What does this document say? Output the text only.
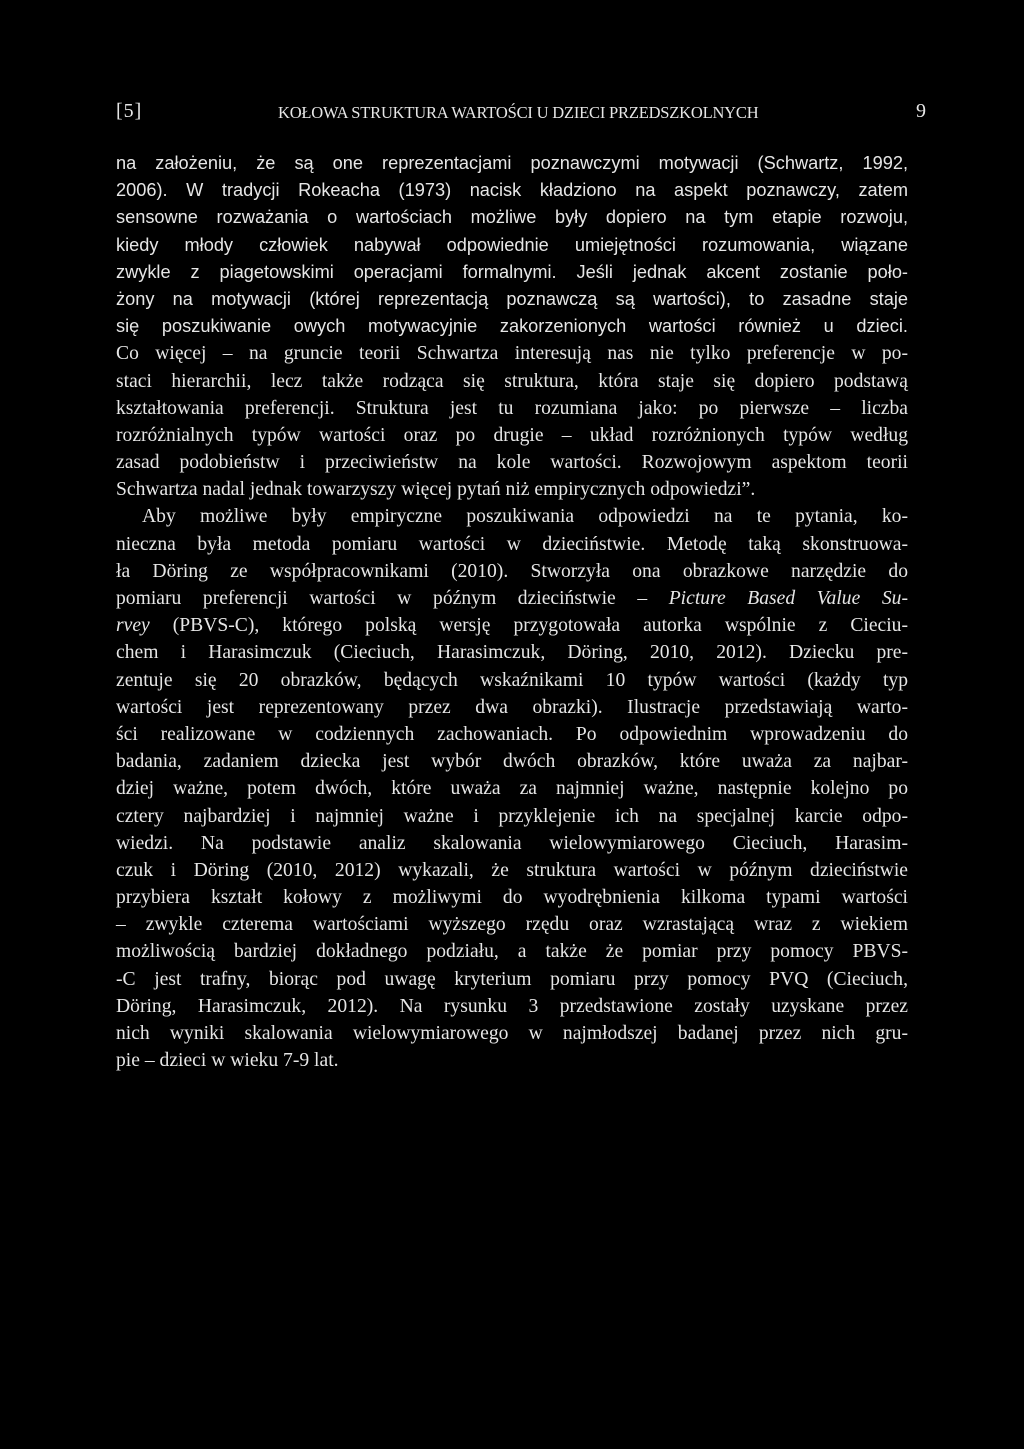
[5]	KOŁOWA STRUKTURA WARTOŚCI U DZIECI PRZEDSZKOLNYCH	9
na założeniu, że są one reprezentacjami poznawczymi motywacji (Schwartz, 1992,
2006). W tradycji Rokeacha (1973) nacisk kładziono na aspekt poznawczy, zatem
sensowne rozważania o wartościach możliwe były dopiero na tym etapie rozwoju,
kiedy młody człowiek nabywał odpowiednie umiejętności rozumowania, wiązane
zwykle z piagetowskimi operacjami formalnymi. Jeśli jednak akcent zostanie poło-
żony na motywacji (której reprezentacją poznawczą są wartości), to zasadne staje
się poszukiwanie owych motywacyjnie zakorzenionych wartości również u dzieci.
Co więcej – na gruncie teorii Schwartza interesują nas nie tylko preferencje w po-
staci hierarchii, lecz także rodząca się struktura, która staje się dopiero podstawą
kształtowania preferencji. Struktura jest tu rozumiana jako: po pierwsze – liczba
rozróżnialnych typów wartości oraz po drugie – układ rozróżnionych typów według
zasad podobieństw i przeciwieństw na kole wartości. Rozwojowym aspektom teorii
Schwartza nadal jednak towarzyszy więcej pytań niż empirycznych odpowiedzi”.
Aby możliwe były empiryczne poszukiwania odpowiedzi na te pytania, ko-
nieczna była metoda pomiaru wartości w dzieciństwie. Metodę taką skonstruowa-
ła Döring ze współpracownikami (2010). Stworzyła ona obrazkowe narzędzie do
pomiaru preferencji wartości w późnym dzieciństwie – Picture Based Value Su-
rvey (PBVS-C), którego polską wersję przygotowała autorka wspólnie z Cieciu-
chem i Harasimczuk (Cieciuch, Harasimczuk, Döring, 2010, 2012). Dziecku pre-
zentuje się 20 obrazków, będących wskaźnikami 10 typów wartości (każdy typ
wartości jest reprezentowany przez dwa obrazki). Ilustracje przedstawiają warto-
ści realizowane w codziennych zachowaniach. Po odpowiednim wprowadzeniu do
badania, zadaniem dziecka jest wybór dwóch obrazków, które uważa za najbar-
dziej ważne, potem dwóch, które uważa za najmniej ważne, następnie kolejno po
cztery najbardziej i najmniej ważne i przyklejenie ich na specjalnej karcie odpo-
wiedzi. Na podstawie analiz skalowania wielowymiarowego Cieciuch, Harasim-
czuk i Döring (2010, 2012) wykazali, że struktura wartości w późnym dzieciństwie
przybiera kształt kołowy z możliwymi do wyodrębnienia kilkoma typami wartości
– zwykle czterema wartościami wyższego rzędu oraz wzrastającą wraz z wiekiem
możliwością bardziej dokładnego podziału, a także że pomiar przy pomocy PBVS-
-C jest trafny, biorąc pod uwagę kryterium pomiaru przy pomocy PVQ (Cieciuch,
Döring, Harasimczuk, 2012). Na rysunku 3 przedstawione zostały uzyskane przez
nich wyniki skalowania wielowymiarowego w najmłodszej badanej przez nich gru-
pie – dzieci w wieku 7-9 lat.
